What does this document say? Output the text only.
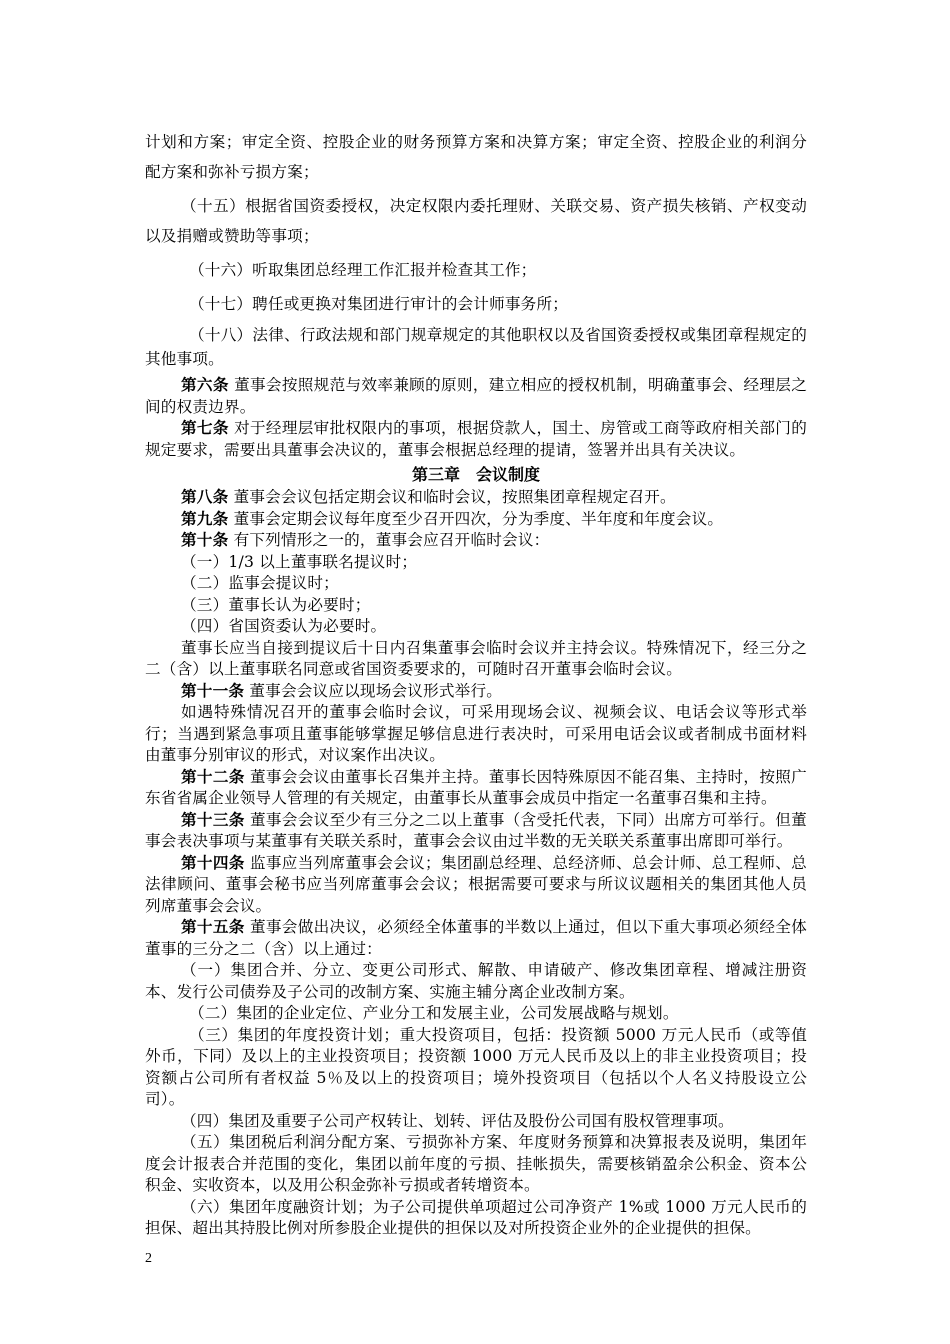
计划和方案；审定全资、控股企业的财务预算方案和决算方案；审定全资、控股企业的利润分配方案和弥补亏损方案；

（十五）根据省国资委授权，决定权限内委托理财、关联交易、资产损失核销、产权变动以及捐赠或赞助等事项；

（十六）听取集团总经理工作汇报并检查其工作；

（十七）聘任或更换对集团进行审计的会计师事务所；

（十八）法律、行政法规和部门规章规定的其他职权以及省国资委授权或集团章程规定的其他事项。

第六条 董事会按照规范与效率兼顾的原则，建立相应的授权机制，明确董事会、经理层之间的权责边界。

第七条 对于经理层审批权限内的事项，根据贷款人，国土、房管或工商等政府相关部门的规定要求，需要出具董事会决议的，董事会根据总经理的提请，签署并出具有关决议。

第三章　会议制度

第八条 董事会会议包括定期会议和临时会议，按照集团章程规定召开。

第九条 董事会定期会议每年度至少召开四次，分为季度、半年度和年度会议。

第十条 有下列情形之一的，董事会应召开临时会议：

（一）1/3 以上董事联名提议时；

（二）监事会提议时；

（三）董事长认为必要时；

（四）省国资委认为必要时。

董事长应当自接到提议后十日内召集董事会临时会议并主持会议。特殊情况下，经三分之二（含）以上董事联名同意或省国资委要求的，可随时召开董事会临时会议。

第十一条 董事会会议应以现场会议形式举行。

如遇特殊情况召开的董事会临时会议，可采用现场会议、视频会议、电话会议等形式举行；当遇到紧急事项且董事能够掌握足够信息进行表决时，可采用电话会议或者制成书面材料由董事分别审议的形式，对议案作出决议。

第十二条 董事会会议由董事长召集并主持。董事长因特殊原因不能召集、主持时，按照广东省省属企业领导人管理的有关规定，由董事长从董事会成员中指定一名董事召集和主持。

第十三条 董事会会议至少有三分之二以上董事（含受托代表，下同）出席方可举行。但董事会表决事项与某董事有关联关系时，董事会会议由过半数的无关联关系董事出席即可举行。

第十四条 监事应当列席董事会会议；集团副总经理、总经济师、总会计师、总工程师、总法律顾问、董事会秘书应当列席董事会会议；根据需要可要求与所议议题相关的集团其他人员列席董事会会议。

第十五条 董事会做出决议，必须经全体董事的半数以上通过，但以下重大事项必须经全体董事的三分之二（含）以上通过：

（一）集团合并、分立、变更公司形式、解散、申请破产、修改集团章程、增减注册资本、发行公司债券及子公司的改制方案、实施主辅分离企业改制方案。

（二）集团的企业定位、产业分工和发展主业，公司发展战略与规划。

（三）集团的年度投资计划；重大投资项目，包括：投资额 5000 万元人民币（或等值外币，下同）及以上的主业投资项目；投资额 1000 万元人民币及以上的非主业投资项目；投资额占公司所有者权益 5％及以上的投资项目；境外投资项目（包括以个人名义持股设立公司）。

（四）集团及重要子公司产权转让、划转、评估及股份公司国有股权管理事项。

（五）集团税后利润分配方案、亏损弥补方案、年度财务预算和决算报表及说明，集团年度会计报表合并范围的变化，集团以前年度的亏损、挂帐损失，需要核销盈余公积金、资本公积金、实收资本，以及用公积金弥补亏损或者转增资本。

（六）集团年度融资计划；为子公司提供单项超过公司净资产 1%或 1000 万元人民币的担保、超出其持股比例对所参股企业提供的担保以及对所投资企业外的企业提供的担保。

2
